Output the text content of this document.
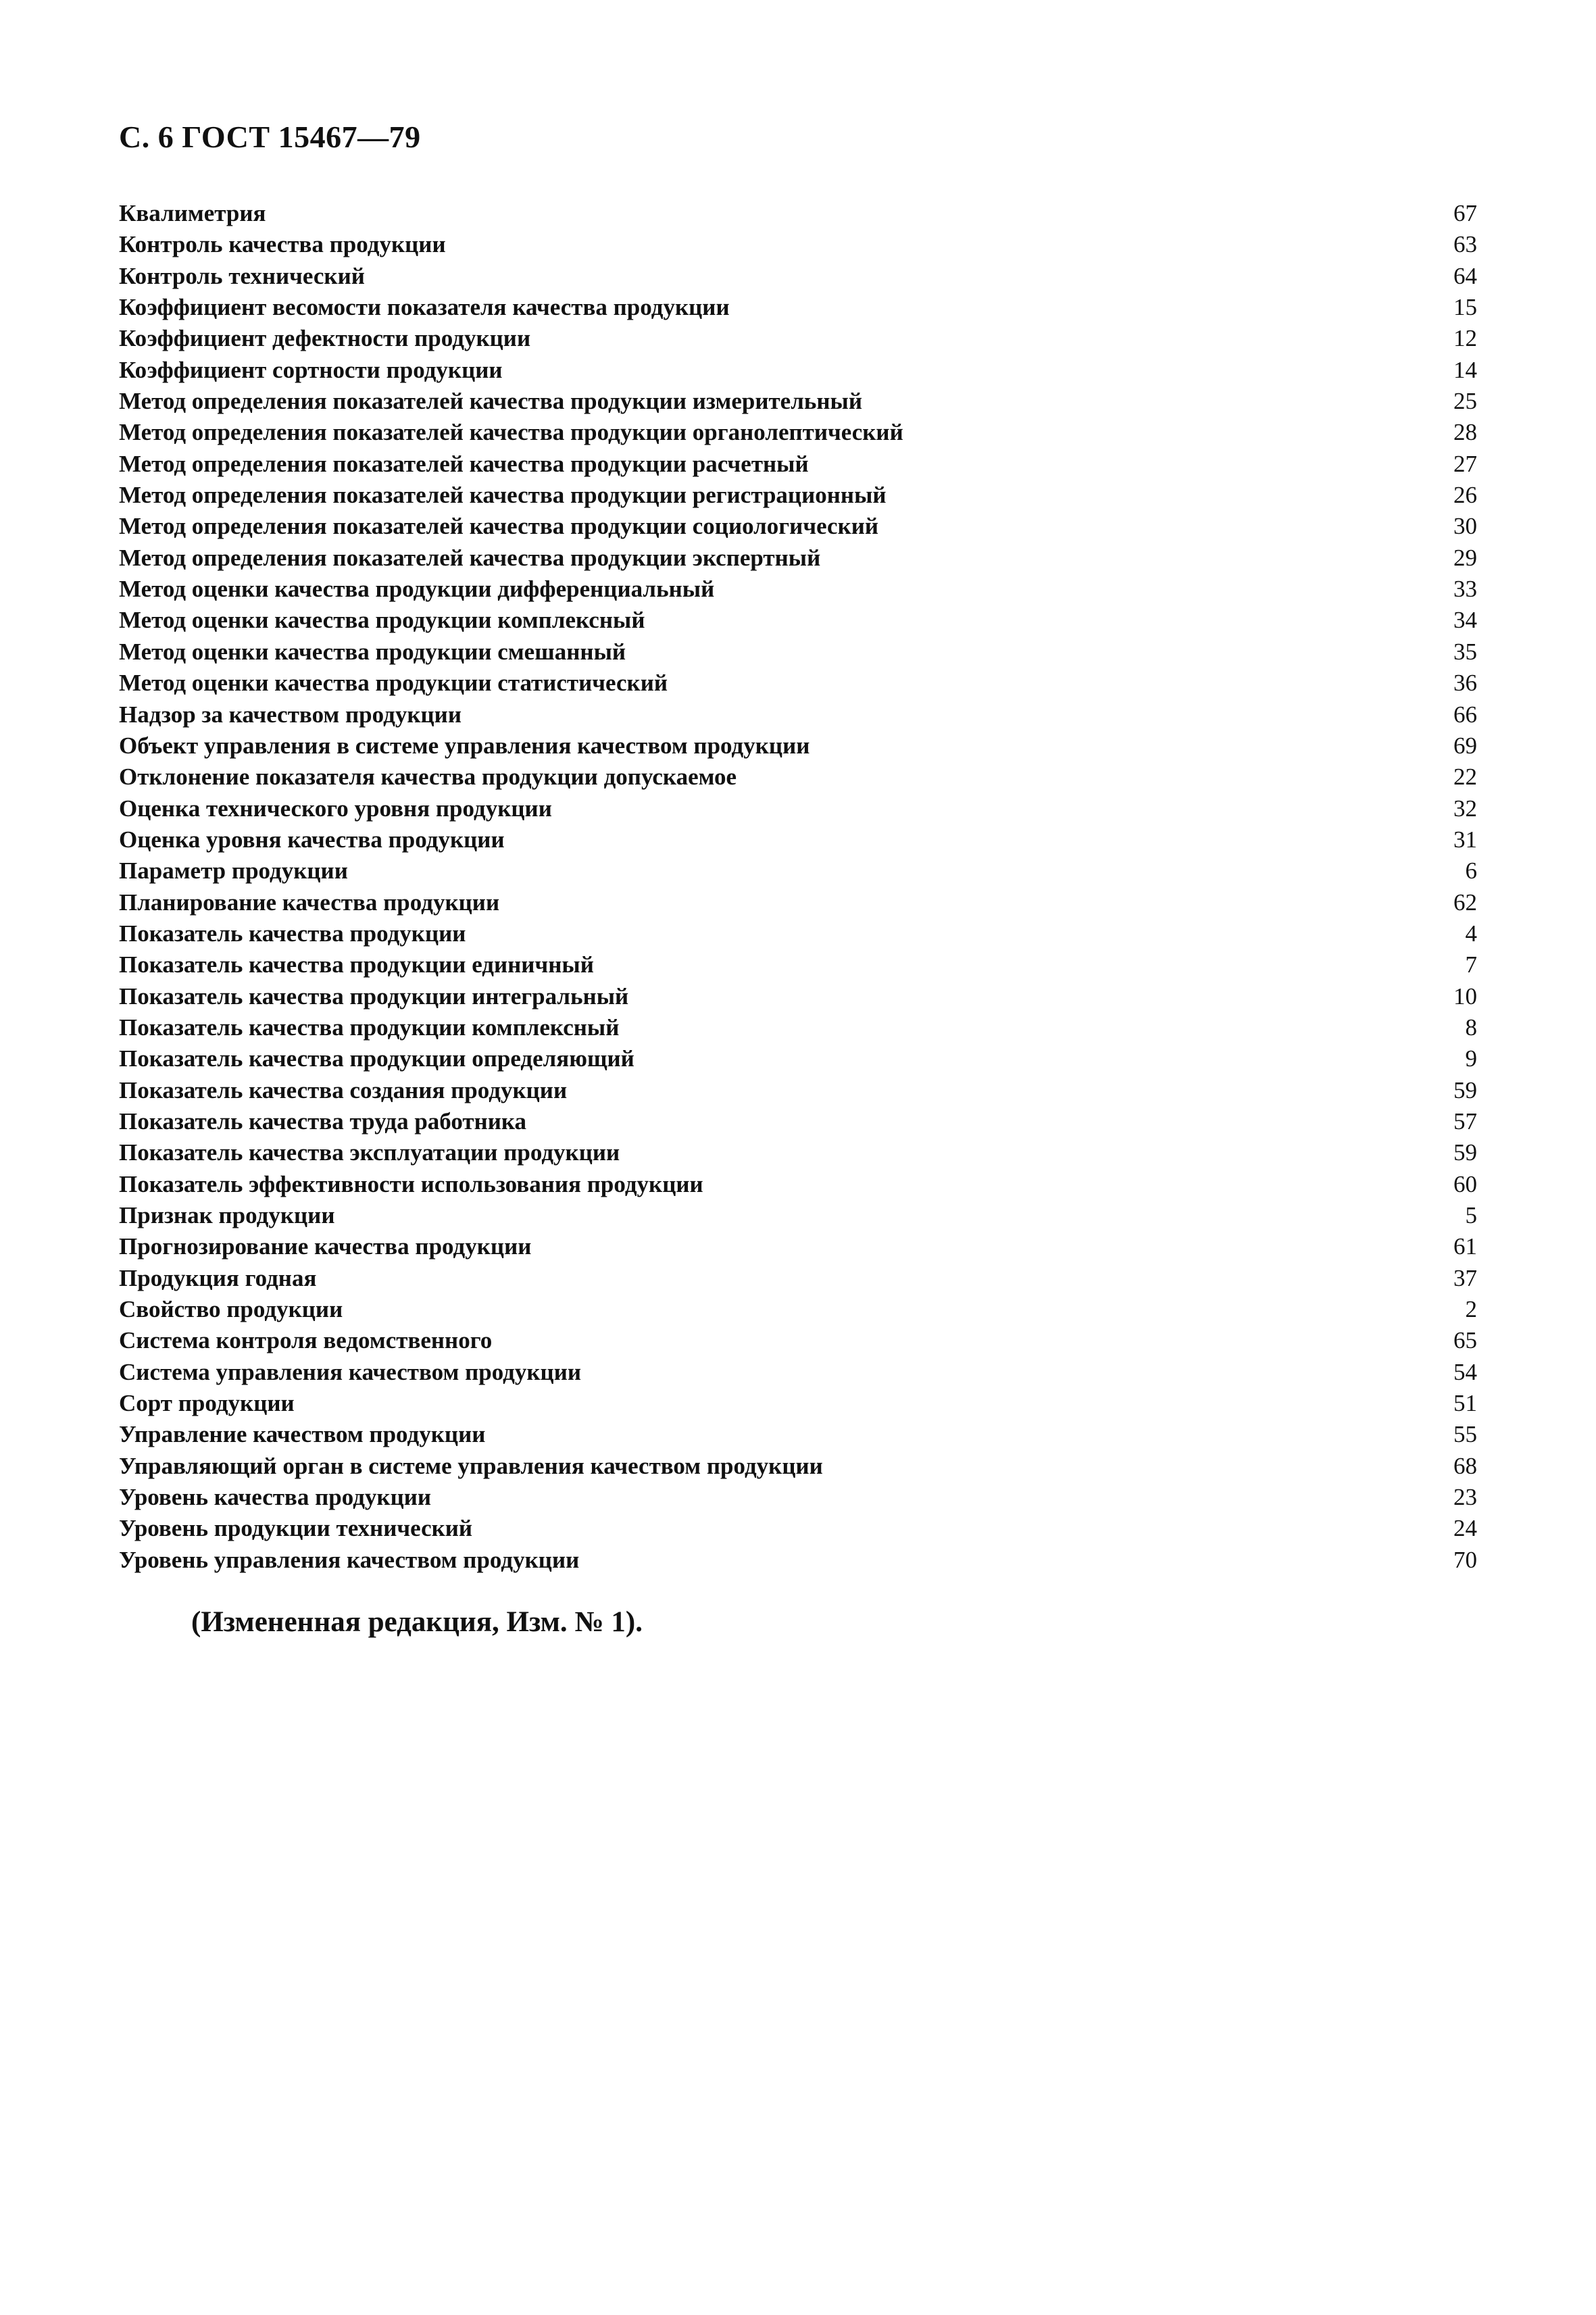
С. 6 ГОСТ 15467—79
Квалиметрия	67
Контроль качества продукции	63
Контроль технический	64
Коэффициент весомости показателя качества продукции	15
Коэффициент дефектности продукции	12
Коэффициент сортности продукции	14
Метод определения показателей качества продукции измерительный	25
Метод определения показателей качества продукции органолептический	28
Метод определения показателей качества продукции расчетный	27
Метод определения показателей качества продукции регистрационный	26
Метод определения показателей качества продукции социологический	30
Метод определения показателей качества продукции экспертный	29
Метод оценки качества продукции дифференциальный	33
Метод оценки качества продукции комплексный	34
Метод оценки качества продукции смешанный	35
Метод оценки качества продукции статистический	36
Надзор за качеством продукции	66
Объект управления в системе управления качеством продукции	69
Отклонение показателя качества продукции допускаемое	22
Оценка технического уровня продукции	32
Оценка уровня качества продукции	31
Параметр продукции	6
Планирование качества продукции	62
Показатель качества продукции	4
Показатель качества продукции единичный	7
Показатель качества продукции интегральный	10
Показатель качества продукции комплексный	8
Показатель качества продукции определяющий	9
Показатель качества создания продукции	59
Показатель качества труда работника	57
Показатель качества эксплуатации продукции	59
Показатель эффективности использования продукции	60
Признак продукции	5
Прогнозирование качества продукции	61
Продукция годная	37
Свойство продукции	2
Система контроля ведомственного	65
Система управления качеством продукции	54
Сорт продукции	51
Управление качеством продукции	55
Управляющий орган в системе управления качеством продукции	68
Уровень качества продукции	23
Уровень продукции технический	24
Уровень управления качеством продукции	70
(Измененная редакция, Изм. № 1).
